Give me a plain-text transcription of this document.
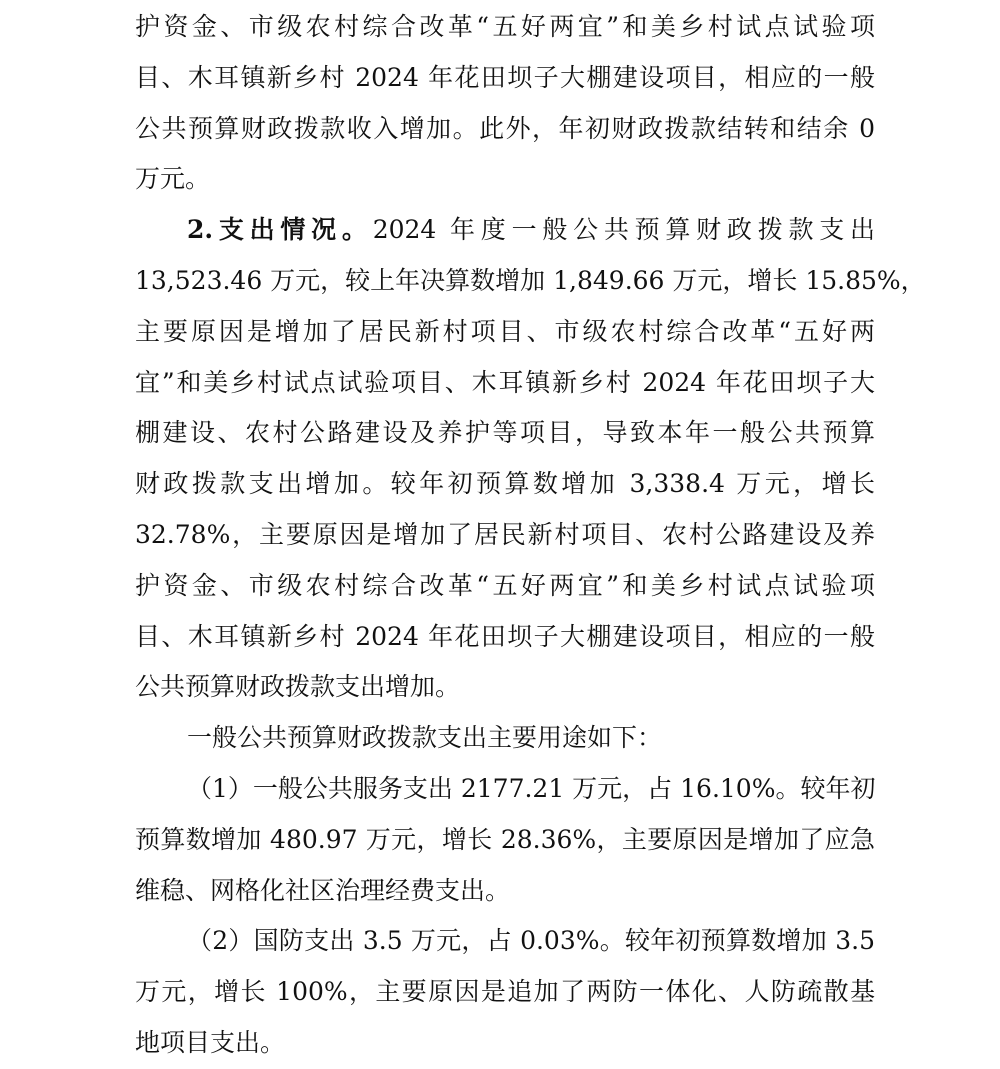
护资金、市级农村综合改革“五好两宜”和美乡村试点试验项
目、木耳镇新乡村 2024 年花田坝子大棚建设项目，相应的一般
公共预算财政拨款收入增加。此外，年初财政拨款结转和结余 0
万元。
2.支出情况。2024 年度一般公共预算财政拨款支出
13,523.46 万元，较上年决算数增加 1,849.66 万元，增长 15.85%，
主要原因是增加了居民新村项目、市级农村综合改革“五好两
宜”和美乡村试点试验项目、木耳镇新乡村 2024 年花田坝子大
棚建设、农村公路建设及养护等项目，导致本年一般公共预算
财政拨款支出增加。较年初预算数增加 3,338.4 万元，增长
32.78%，主要原因是增加了居民新村项目、农村公路建设及养
护资金、市级农村综合改革“五好两宜”和美乡村试点试验项
目、木耳镇新乡村 2024 年花田坝子大棚建设项目，相应的一般
公共预算财政拨款支出增加。
一般公共预算财政拨款支出主要用途如下：
（1）一般公共服务支出 2177.21 万元，占 16.10%。较年初
预算数增加 480.97 万元，增长 28.36%，主要原因是增加了应急
维稳、网格化社区治理经费支出。
（2）国防支出 3.5 万元，占 0.03%。较年初预算数增加 3.5
万元，增长 100%，主要原因是追加了两防一体化、人防疏散基
地项目支出。
